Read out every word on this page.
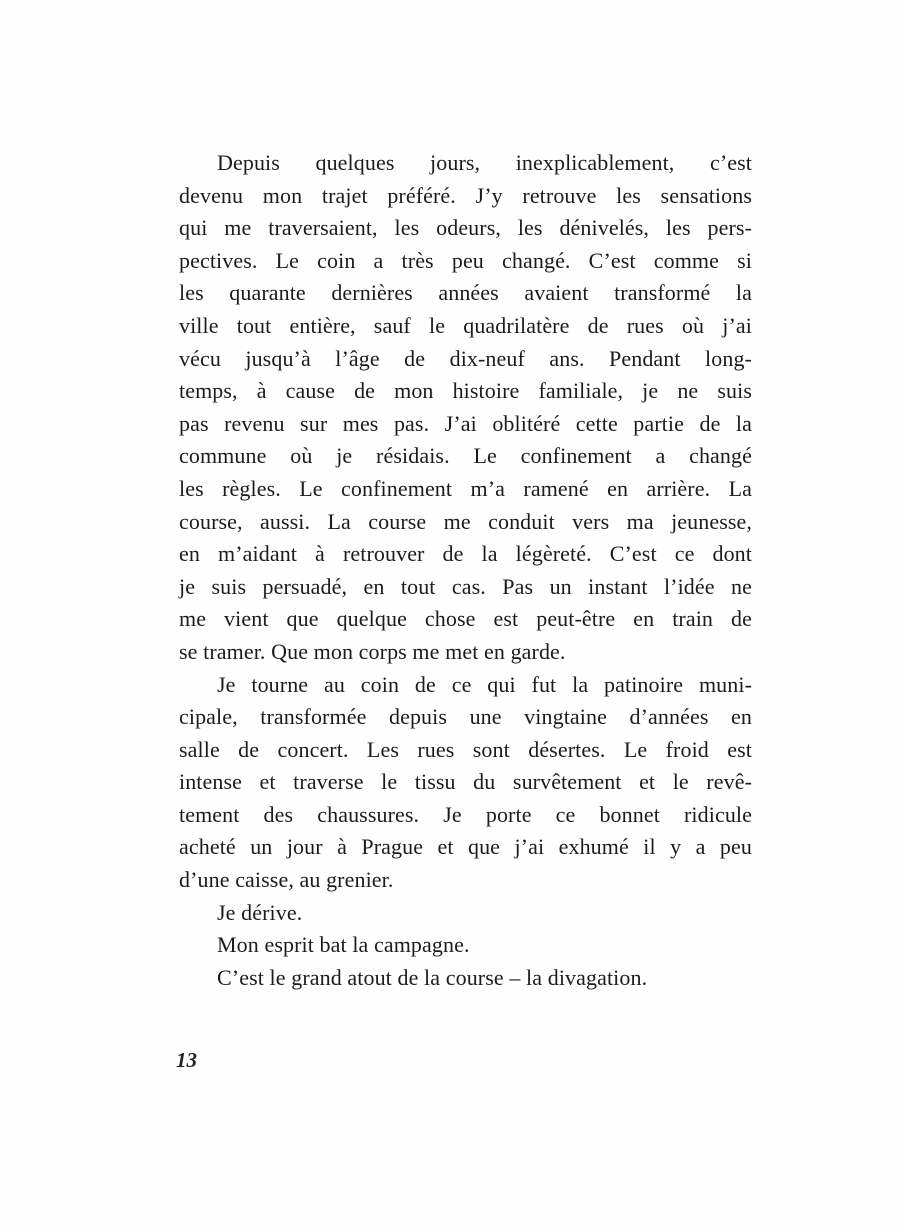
Depuis quelques jours, inexplicablement, c’est
devenu mon trajet préféré. J’y retrouve les sensations
qui me traversaient, les odeurs, les dénivelés, les pers-
pectives. Le coin a très peu changé. C’est comme si
les quarante dernières années avaient transformé la
ville tout entière, sauf le quadrilatère de rues où j’ai
vécu jusqu’à l’âge de dix-neuf ans. Pendant long-
temps, à cause de mon histoire familiale, je ne suis
pas revenu sur mes pas. J’ai oblitéré cette partie de la
commune où je résidais. Le confinement a changé
les règles. Le confinement m’a ramené en arrière. La
course, aussi. La course me conduit vers ma jeunesse,
en m’aidant à retrouver de la légèreté. C’est ce dont
je suis persuadé, en tout cas. Pas un instant l’idée ne
me vient que quelque chose est peut-être en train de
se tramer. Que mon corps me met en garde.
Je tourne au coin de ce qui fut la patinoire muni-
cipale, transformée depuis une vingtaine d’années en
salle de concert. Les rues sont désertes. Le froid est
intense et traverse le tissu du survêtement et le revê-
tement des chaussures. Je porte ce bonnet ridicule
acheté un jour à Prague et que j’ai exhumé il y a peu
d’une caisse, au grenier.
Je dérive.
Mon esprit bat la campagne.
C’est le grand atout de la course – la divagation.
13
